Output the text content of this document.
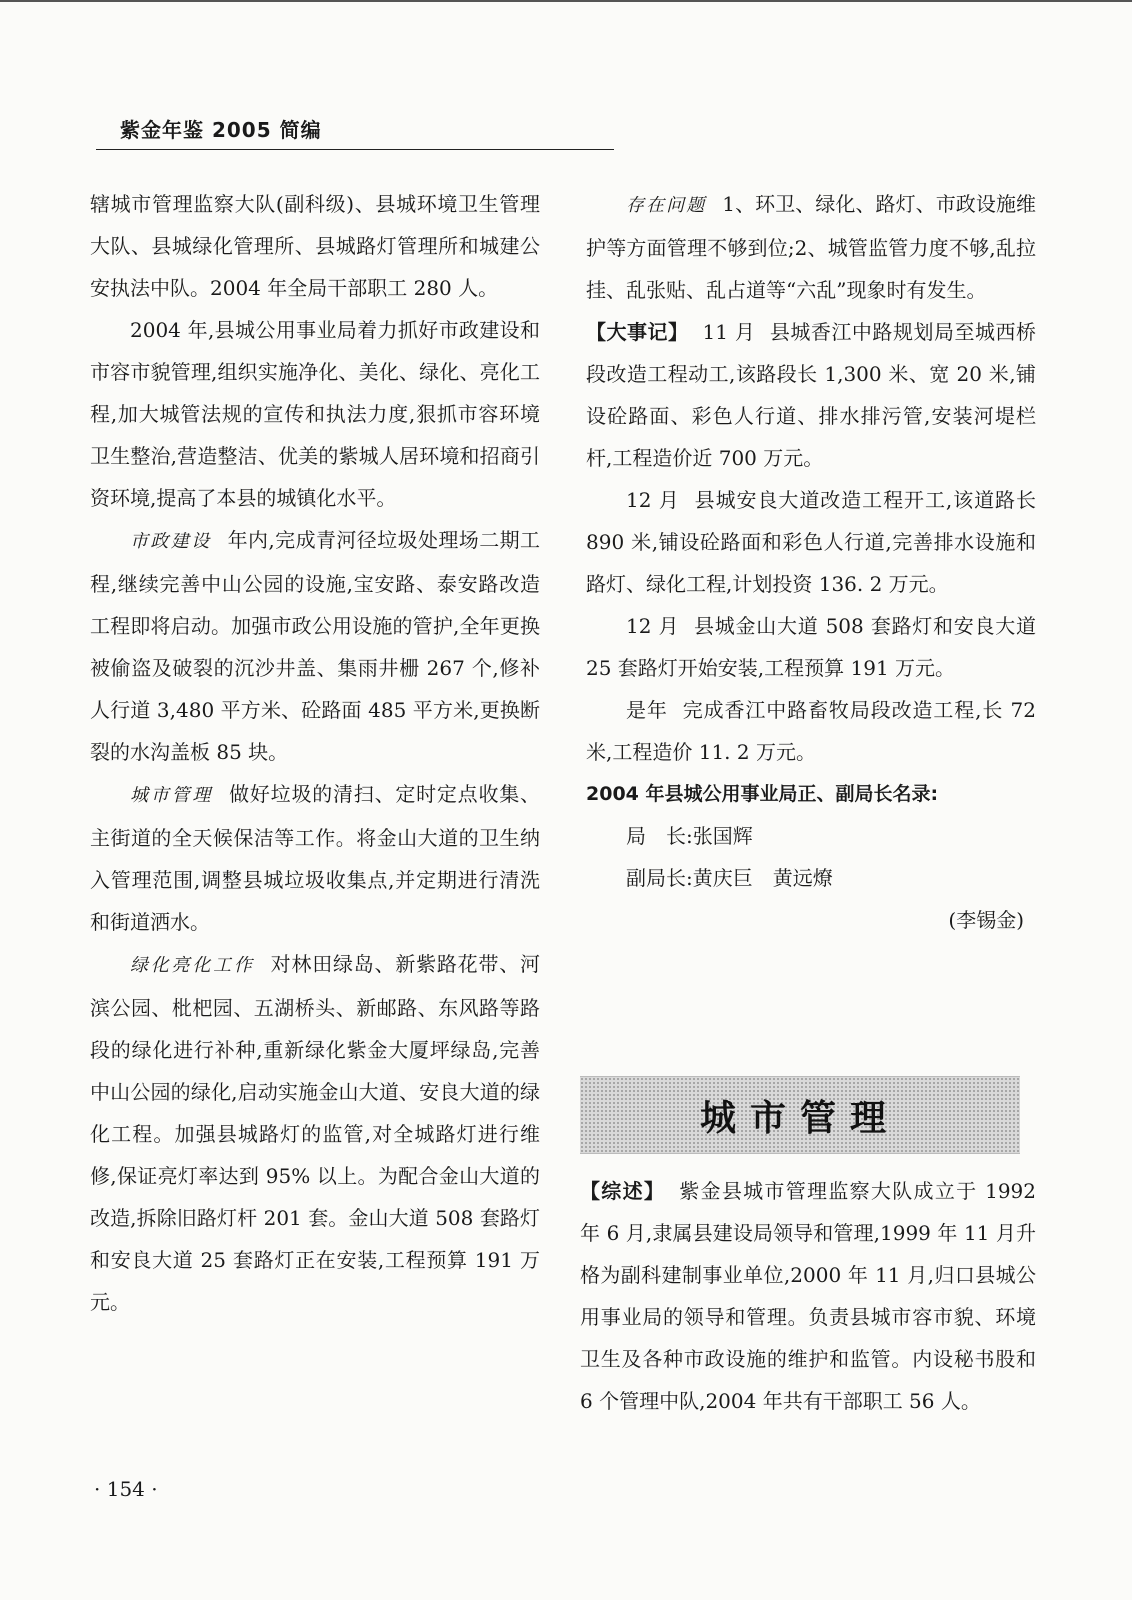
紫金年鉴 2005 简编

辖城市管理监察大队(副科级)、县城环境卫生管理大队、县城绿化管理所、县城路灯管理所和城建公安执法中队。2004 年全局干部职工 280 人。

2004 年,县城公用事业局着力抓好市政建设和市容市貌管理,组织实施净化、美化、绿化、亮化工程,加大城管法规的宣传和执法力度,狠抓市容环境卫生整治,营造整洁、优美的紫城人居环境和招商引资环境,提高了本县的城镇化水平。

市政建设 年内,完成青河径垃圾处理场二期工程,继续完善中山公园的设施,宝安路、泰安路改造工程即将启动。加强市政公用设施的管护,全年更换被偷盗及破裂的沉沙井盖、集雨井栅 267 个,修补人行道 3,480 平方米、砼路面 485 平方米,更换断裂的水沟盖板 85 块。

城市管理 做好垃圾的清扫、定时定点收集、主街道的全天候保洁等工作。将金山大道的卫生纳入管理范围,调整县城垃圾收集点,并定期进行清洗和街道洒水。

绿化亮化工作 对林田绿岛、新紫路花带、河滨公园、枇杷园、五湖桥头、新邮路、东风路等路段的绿化进行补种,重新绿化紫金大厦坪绿岛,完善中山公园的绿化,启动实施金山大道、安良大道的绿化工程。加强县城路灯的监管,对全城路灯进行维修,保证亮灯率达到 95% 以上。为配合金山大道的改造,拆除旧路灯杆 201 套。金山大道 508 套路灯和安良大道 25 套路灯正在安装,工程预算 191 万元。

存在问题 1、环卫、绿化、路灯、市政设施维护等方面管理不够到位;2、城管监管力度不够,乱拉挂、乱张贴、乱占道等“六乱”现象时有发生。

【大事记】 11 月 县城香江中路规划局至城西桥段改造工程动工,该路段长 1,300 米、宽 20 米,铺设砼路面、彩色人行道、排水排污管,安装河堤栏杆,工程造价近 700 万元。

12 月 县城安良大道改造工程开工,该道路长 890 米,铺设砼路面和彩色人行道,完善排水设施和路灯、绿化工程,计划投资 136. 2 万元。

12 月 县城金山大道 508 套路灯和安良大道 25 套路灯开始安装,工程预算 191 万元。

是年 完成香江中路畜牧局段改造工程,长 72 米,工程造价 11. 2 万元。

2004 年县城公用事业局正、副局长名录:

局　长:张国辉

副局长:黄庆巨　黄远燎

(李锡金)

城市管理

【综述】 紫金县城市管理监察大队成立于 1992 年 6 月,隶属县建设局领导和管理,1999 年 11 月升格为副科建制事业单位,2000 年 11 月,归口县城公用事业局的领导和管理。负责县城市容市貌、环境卫生及各种市政设施的维护和监管。内设秘书股和 6 个管理中队,2004 年共有干部职工 56 人。

· 154 ·
